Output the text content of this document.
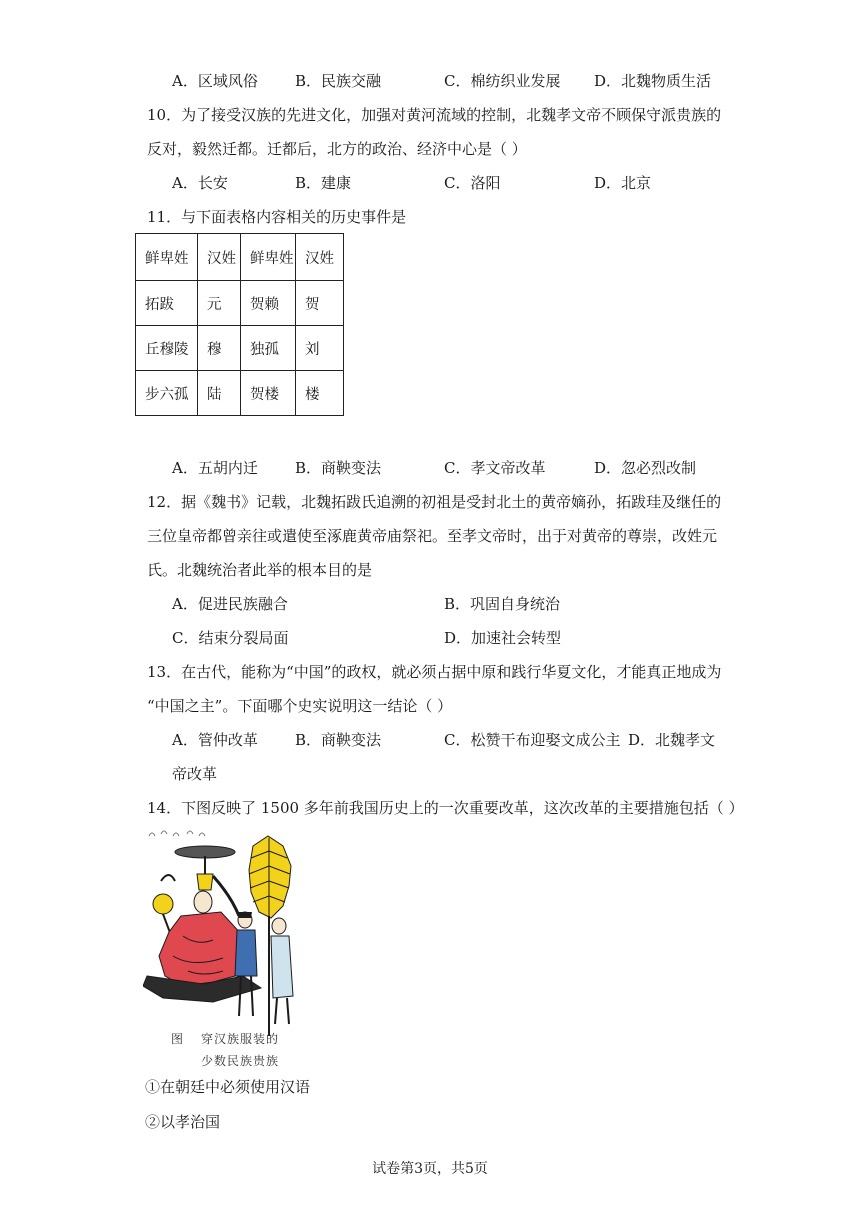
A．区域风俗 B．民族交融	C．棉纺织业发展 D．北魏物质生活
10．为了接受汉族的先进文化，加强对黄河流域的控制，北魏孝文帝不顾保守派贵族的
反对，毅然迁都。迁都后，北方的政治、经济中心是（ ）
A．长安	B．建康	C．洛阳	D．北京
11．与下面表格内容相关的历史事件是
鲜卑姓	汉姓	鲜卑姓	汉姓
拓跋	元	贺赖	贺
丘穆陵	穆	独孤	刘
步六孤	陆	贺楼	楼
A．五胡内迁 B．商鞅变法	C．孝文帝改革	D．忽必烈改制
12．据《魏书》记载，北魏拓跋氏追溯的初祖是受封北土的黄帝嫡孙，拓跋珪及继任的
三位皇帝都曾亲往或遣使至涿鹿黄帝庙祭祀。至孝文帝时，出于对黄帝的尊崇，改姓元
氏。北魏统治者此举的根本目的是
A．促进民族融合	B．巩固自身统治
C．结束分裂局面	D．加速社会转型
13．在古代，能称为“中国”的政权，就必须占据中原和践行华夏文化，才能真正地成为
“中国之主”。下面哪个史实说明这一结论（ ）
A．管仲改革 B．商鞅变法	C．松赞干布迎娶文成公主 D．北魏孝文
帝改革
14．下图反映了 1500 多年前我国历史上的一次重要改革，这次改革的主要措施包括（ ）
图 穿汉族服装的
少数民族贵族
①在朝廷中必须使用汉语
②以孝治国
试卷第3页，共5页
